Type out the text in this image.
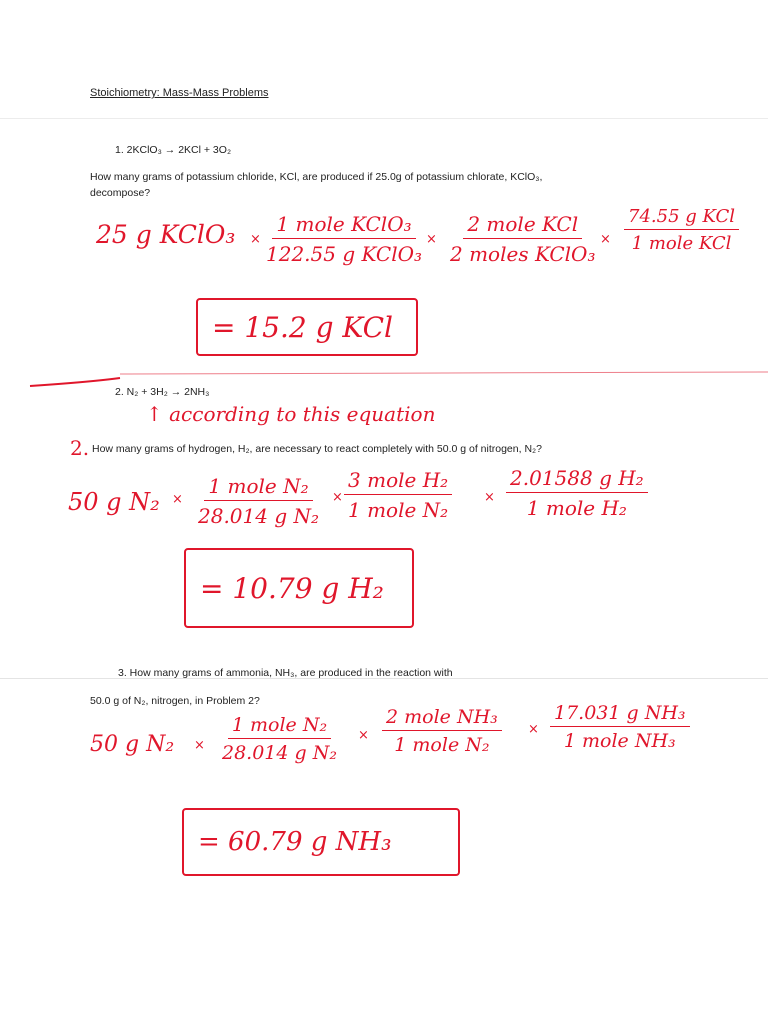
Stoichiometry: Mass-Mass Problems
1. 2KClO₃ → 2KCl + 3O₂
How many grams of potassium chloride, KCl, are produced if 25.0g of potassium chlorate, KClO₃,
decompose?
25 g KClO₃ ×
1 mole KClO₃
122.55 g KClO₃
×
2 mole KCl
2 moles KClO₃
×
74.55 g KCl
1 mole KCl
= 15.2 g KCl
2. N₂ + 3H₂ → 2NH₃
↑ according to this equation
2. How many grams of hydrogen, H₂, are necessary to react completely with 50.0 g of nitrogen, N₂?
50 g N₂ ×
1 mole N₂
28.014 g N₂
×
3 mole H₂
1 mole N₂
×
2.01588 g H₂
1 mole H₂
= 10.79 g H₂
3. How many grams of ammonia, NH₃, are produced in the reaction with
50.0 g of N₂, nitrogen, in Problem 2?
50 g N₂ ×
1 mole N₂
28.014 g N₂
×
2 mole NH₃
1 mole N₂
×
17.031 g NH₃
1 mole NH₃
= 60.79 g NH₃
